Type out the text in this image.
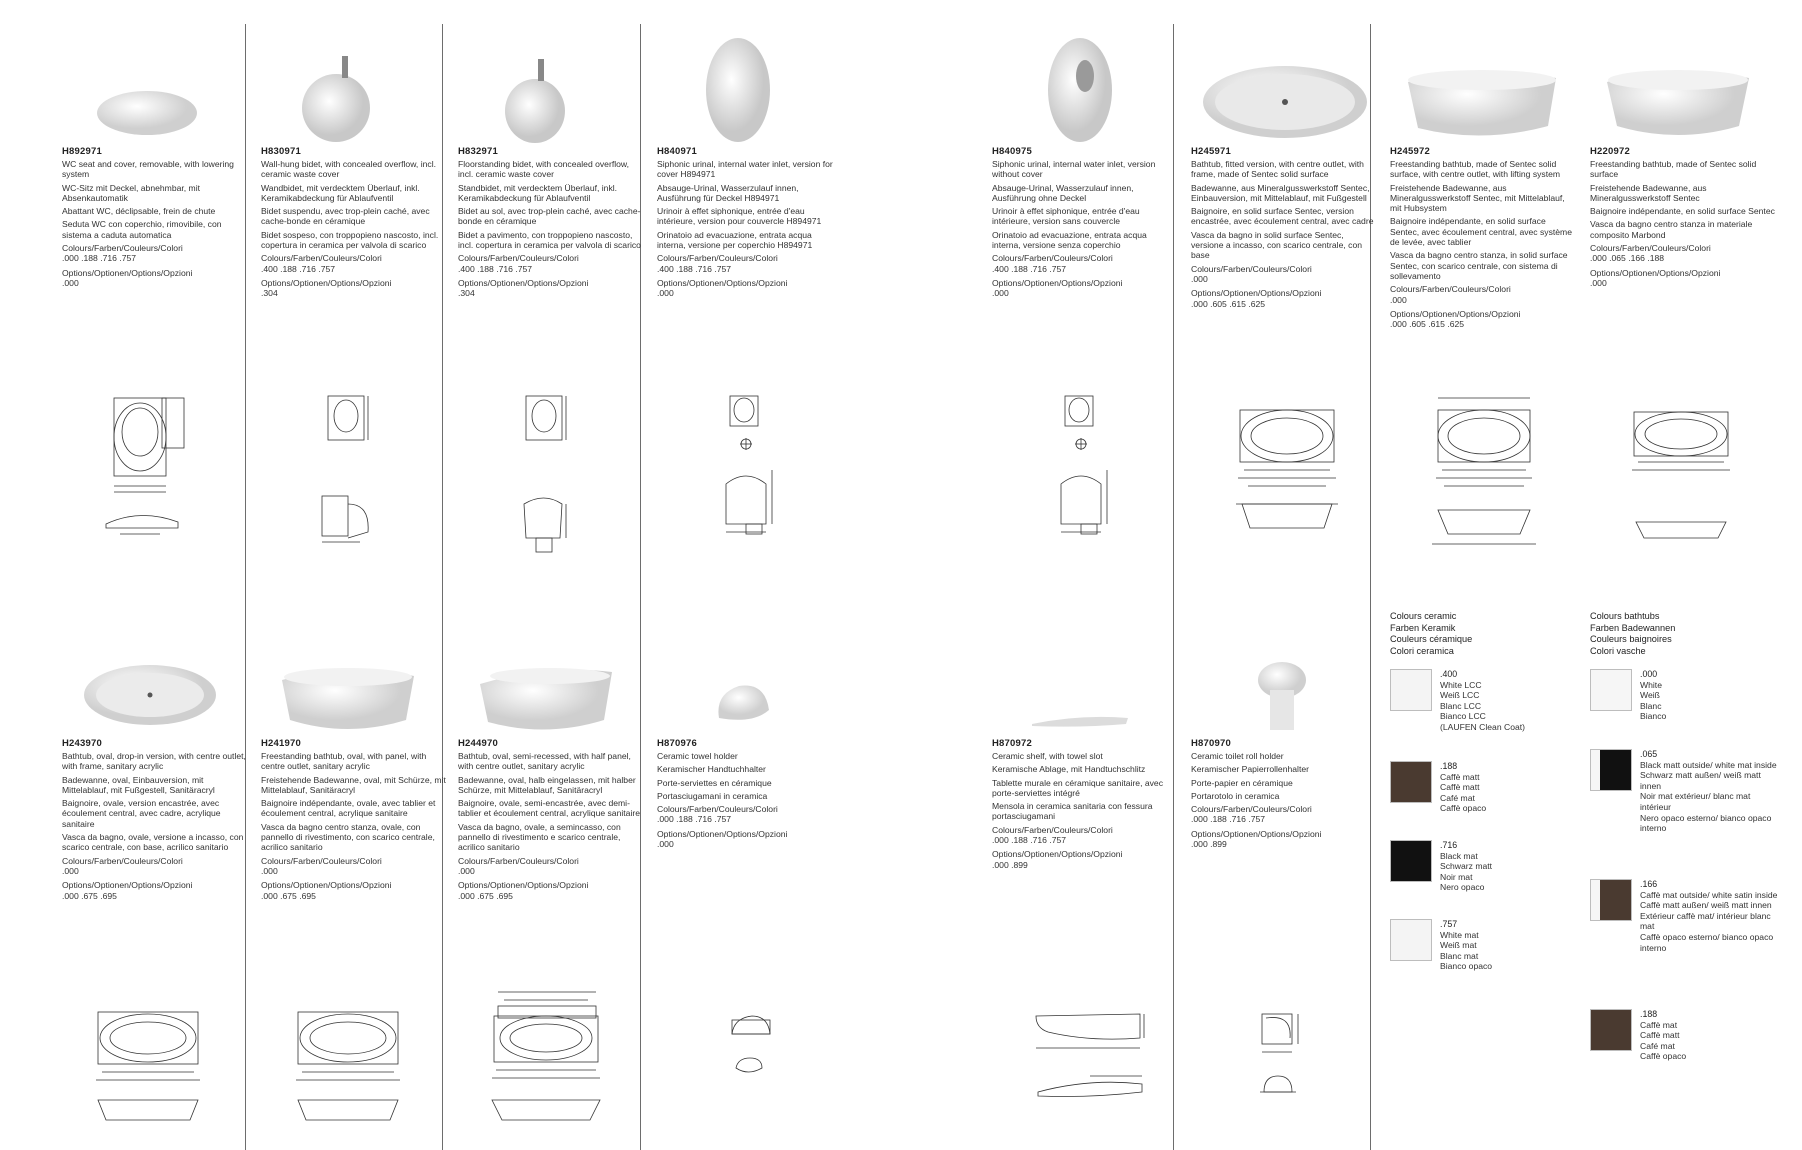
H892971
WC seat and cover, removable, with lowering system
WC-Sitz mit Deckel, abnehmbar, mit Absenkautomatik
Abattant WC, déclipsable, frein de chute
Seduta WC con coperchio, rimovibile, con sistema a caduta automatica
Colours/Farben/Couleurs/Colori
.000 .188 .716 .757
Options/Optionen/Options/Opzioni
.000
H830971
Wall-hung bidet, with concealed overflow, incl. ceramic waste cover
Wandbidet, mit verdecktem Überlauf, inkl. Keramikabdeckung für Ablaufventil
Bidet suspendu, avec trop-plein caché, avec cache-bonde en céramique
Bidet sospeso, con troppopieno nascosto, incl. copertura in ceramica per valvola di scarico
Colours/Farben/Couleurs/Colori
.400 .188 .716 .757
Options/Optionen/Options/Opzioni
.304
H832971
Floorstanding bidet, with concealed overflow, incl. ceramic waste cover
Standbidet, mit verdecktem Überlauf, inkl. Keramikabdeckung für Ablaufventil
Bidet au sol, avec trop-plein caché, avec cache-bonde en céramique
Bidet a pavimento, con troppopieno nascosto, incl. copertura in ceramica per valvola di scarico
Colours/Farben/Couleurs/Colori
.400 .188 .716 .757
Options/Optionen/Options/Opzioni
.304
H840971
Siphonic urinal, internal water inlet, version for cover H894971
Absauge-Urinal, Wasserzulauf innen, Ausführung für Deckel H894971
Urinoir à effet siphonique, entrée d'eau intérieure, version pour couvercle H894971
Orinatoio ad evacuazione, entrata acqua interna, versione per coperchio H894971
Colours/Farben/Couleurs/Colori
.400 .188 .716 .757
Options/Optionen/Options/Opzioni
.000
H840975
Siphonic urinal, internal water inlet, version without cover
Absauge-Urinal, Wasserzulauf innen, Ausführung ohne Deckel
Urinoir à effet siphonique, entrée d'eau intérieure, version sans couvercle
Orinatoio ad evacuazione, entrata acqua interna, versione senza coperchio
Colours/Farben/Couleurs/Colori
.400 .188 .716 .757
Options/Optionen/Options/Opzioni
.000
H245971
Bathtub, fitted version, with centre outlet, with frame, made of Sentec solid surface
Badewanne, aus Mineralgusswerkstoff Sentec, Einbauversion, mit Mittelablauf, mit Fußgestell
Baignoire, en solid surface Sentec, version encastrée, avec écoulement central, avec cadre
Vasca da bagno in solid surface Sentec, versione a incasso, con scarico centrale, con base
Colours/Farben/Couleurs/Colori
.000
Options/Optionen/Options/Opzioni
.000 .605 .615 .625
H245972
Freestanding bathtub, made of Sentec solid surface, with centre outlet, with lifting system
Freistehende Badewanne, aus Mineralgusswerkstoff Sentec, mit Mittelablauf, mit Hubsystem
Baignoire indépendante, en solid surface Sentec, avec écoulement central, avec système de levée, avec tablier
Vasca da bagno centro stanza, in solid surface Sentec, con scarico centrale, con sistema di sollevamento
Colours/Farben/Couleurs/Colori
.000
Options/Optionen/Options/Opzioni
.000 .605 .615 .625
H220972
Freestanding bathtub, made of Sentec solid surface
Freistehende Badewanne, aus Mineralgusswerkstoff Sentec
Baignoire indépendante, en solid surface Sentec
Vasca da bagno centro stanza in materiale composito Marbond
Colours/Farben/Couleurs/Colori
.000 .065 .166 .188
Options/Optionen/Options/Opzioni
.000
H243970
Bathtub, oval, drop-in version, with centre outlet, with frame, sanitary acrylic
Badewanne, oval, Einbauversion, mit Mittelablauf, mit Fußgestell, Sanitäracryl
Baignoire, ovale, version encastrée, avec écoulement central, avec cadre, acrylique sanitaire
Vasca da bagno, ovale, versione a incasso, con scarico centrale, con base, acrilico sanitario
Colours/Farben/Couleurs/Colori
.000
Options/Optionen/Options/Opzioni
.000 .675 .695
H241970
Freestanding bathtub, oval, with panel, with centre outlet, sanitary acrylic
Freistehende Badewanne, oval, mit Schürze, mit Mittelablauf, Sanitäracryl
Baignoire indépendante, ovale, avec tablier et écoulement central, acrylique sanitaire
Vasca da bagno centro stanza, ovale, con pannello di rivestimento, con scarico centrale, acrilico sanitario
Colours/Farben/Couleurs/Colori
.000
Options/Optionen/Options/Opzioni
.000 .675 .695
H244970
Bathtub, oval, semi-recessed, with half panel, with centre outlet, sanitary acrylic
Badewanne, oval, halb eingelassen, mit halber Schürze, mit Mittelablauf, Sanitäracryl
Baignoire, ovale, semi-encastrée, avec demi-tablier et écoulement central, acrylique sanitaire
Vasca da bagno, ovale, a semincasso, con pannello di rivestimento e scarico centrale, acrilico sanitario
Colours/Farben/Couleurs/Colori
.000
Options/Optionen/Options/Opzioni
.000 .675 .695
H870976
Ceramic towel holder
Keramischer Handtuchhalter
Porte-serviettes en céramique
Portasciugamani in ceramica
Colours/Farben/Couleurs/Colori
.000 .188 .716 .757
Options/Optionen/Options/Opzioni
.000
H870972
Ceramic shelf, with towel slot
Keramische Ablage, mit Handtuchschlitz
Tablette murale en céramique sanitaire, avec porte-serviettes intégré
Mensola in ceramica sanitaria con fessura portasciugamani
Colours/Farben/Couleurs/Colori
.000 .188 .716 .757
Options/Optionen/Options/Opzioni
.000 .899
H870970
Ceramic toilet roll holder
Keramischer Papierrollenhalter
Porte-papier en céramique
Portarotolo in ceramica
Colours/Farben/Couleurs/Colori
.000 .188 .716 .757
Options/Optionen/Options/Opzioni
.000 .899
Colours ceramic
Farben Keramik
Couleurs céramique
Colori ceramica
.400
White LCC
Weiß LCC
Blanc LCC
Bianco LCC
(LAUFEN Clean Coat)
.188
Caffè matt
Caffè matt
Café mat
Caffè opaco
.716
Black mat
Schwarz matt
Noir mat
Nero opaco
.757
White mat
Weiß mat
Blanc mat
Bianco opaco
Colours bathtubs
Farben Badewannen
Couleurs baignoires
Colori vasche
.000
White
Weiß
Blanc
Bianco
.065
Black matt outside/ white mat inside
Schwarz matt außen/ weiß matt innen
Noir mat extérieur/ blanc mat intérieur
Nero opaco esterno/ bianco opaco interno
.166
Caffè mat outside/ white satin inside
Caffè matt außen/ weiß matt innen
Extérieur caffè mat/ intérieur blanc mat
Caffè opaco esterno/ bianco opaco interno
.188
Caffè mat
Caffè matt
Café mat
Caffè opaco
